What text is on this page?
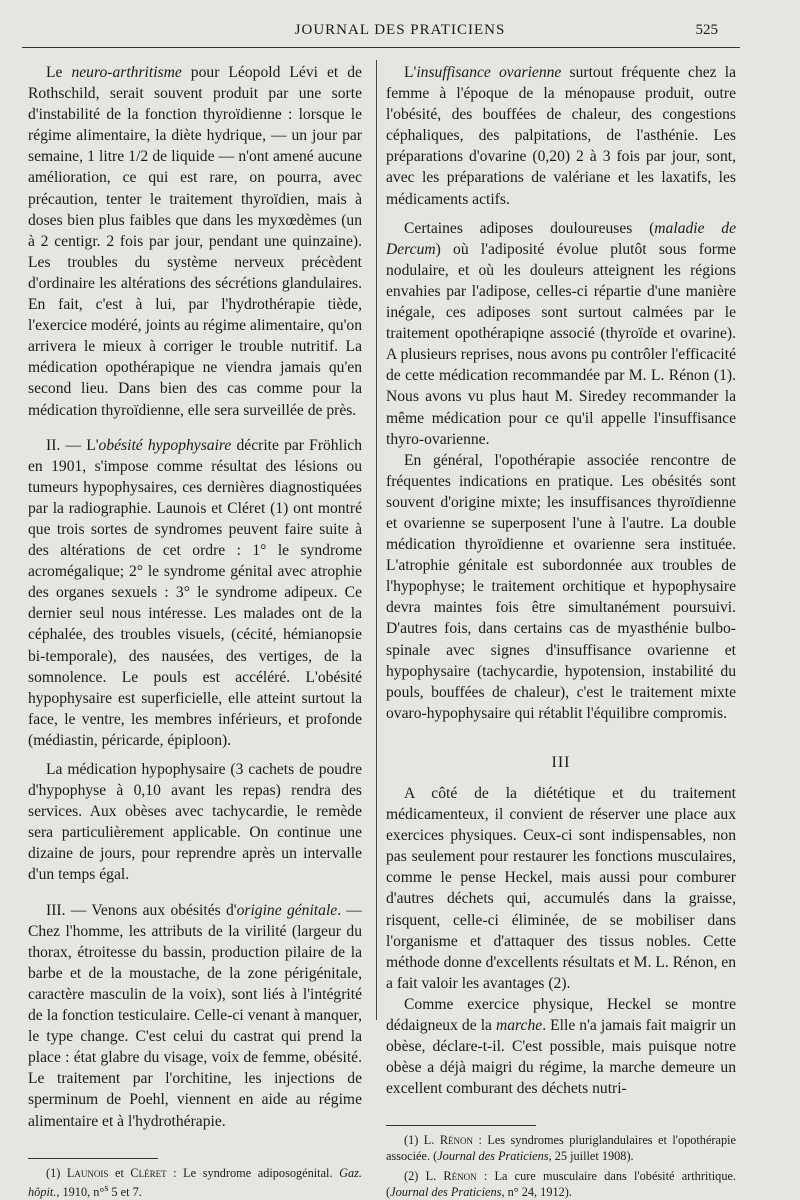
JOURNAL DES PRATICIENS	525

Le neuro-arthritisme pour Léopold Lévi et de Rothschild, serait souvent produit par une sorte d'instabilité de la fonction thyroïdienne : lorsque le régime alimentaire, la diète hydrique, — un jour par semaine, 1 litre 1/2 de liquide — n'ont amené aucune amélioration, ce qui est rare, on pourra, avec précaution, tenter le traitement thyroïdien, mais à doses bien plus faibles que dans les myxœdèmes (un à 2 centigr. 2 fois par jour, pendant une quinzaine). Les troubles du système nerveux précèdent d'ordinaire les altérations des sécrétions glandulaires. En fait, c'est à lui, par l'hydrothérapie tiède, l'exercice modéré, joints au régime alimentaire, qu'on arrivera le mieux à corriger le trouble nutritif. La médication opothérapique ne viendra jamais qu'en second lieu. Dans bien des cas comme pour la médication thyroïdienne, elle sera surveillée de près.

II. — L'obésité hypophysaire décrite par Fröhlich en 1901, s'impose comme résultat des lésions ou tumeurs hypophysaires, ces dernières diagnostiquées par la radiographie. Launois et Cléret (1) ont montré que trois sortes de syndromes peuvent faire suite à des altérations de cet ordre : 1° le syndrome acromégalique; 2° le syndrome génital avec atrophie des organes sexuels : 3° le syndrome adipeux. Ce dernier seul nous intéresse. Les malades ont de la céphalée, des troubles visuels, (cécité, hémianopsie bi-temporale), des nausées, des vertiges, de la somnolence. Le pouls est accéléré. L'obésité hypophysaire est superficielle, elle atteint surtout la face, le ventre, les membres inférieurs, et profonde (médiastin, péricarde, épiploon).

La médication hypophysaire (3 cachets de poudre d'hypophyse à 0,10 avant les repas) rendra des services. Aux obèses avec tachycardie, le remède sera particulièrement applicable. On continue une dizaine de jours, pour reprendre après un intervalle d'un temps égal.

III. — Venons aux obésités d'origine génitale. — Chez l'homme, les attributs de la virilité (largeur du thorax, étroitesse du bassin, production pilaire de la barbe et de la moustache, de la zone périgénitale, caractère masculin de la voix), sont liés à l'intégrité de la fonction testiculaire. Celle-ci venant à manquer, le type change. C'est celui du castrat qui prend la place : état glabre du visage, voix de femme, obésité. Le traitement par l'orchitine, les injections de sperminum de Poehl, viennent en aide au régime alimentaire et à l'hydrothérapie.

(1) Launois et Cléret : Le syndrome adiposogénital. Gaz. hôpit., 1910, n°$^s$ 5 et 7.

L'insuffisance ovarienne surtout fréquente chez la femme à l'époque de la ménopause produit, outre l'obésité, des bouffées de chaleur, des congestions céphaliques, des palpitations, de l'asthénie. Les préparations d'ovarine (0,20) 2 à 3 fois par jour, sont, avec les préparations de valériane et les laxatifs, les médicaments actifs.

Certaines adiposes douloureuses (maladie de Dercum) où l'adiposité évolue plutôt sous forme nodulaire, et où les douleurs atteignent les régions envahies par l'adipose, celles-ci répartie d'une manière inégale, ces adiposes sont surtout calmées par le traitement opothérapiqne associé (thyroïde et ovarine). A plusieurs reprises, nous avons pu contrôler l'efficacité de cette médication recommandée par M. L. Rénon (1). Nous avons vu plus haut M. Siredey recommander la même médication pour ce qu'il appelle l'insuffisance thyro-ovarienne.

En général, l'opothérapie associée rencontre de fréquentes indications en pratique. Les obésités sont souvent d'origine mixte; les insuffisances thyroïdienne et ovarienne se superposent l'une à l'autre. La double médication thyroïdienne et ovarienne sera instituée. L'atrophie génitale est subordonnée aux troubles de l'hypophyse; le traitement orchitique et hypophysaire devra maintes fois être simultanément poursuivi. D'autres fois, dans certains cas de myasthénie bulbo-spinale avec signes d'insuffisance ovarienne et hypophysaire (tachycardie, hypotension, instabilité du pouls, bouffées de chaleur), c'est le traitement mixte ovaro-hypophysaire qui rétablit l'équilibre compromis.

III

A côté de la diététique et du traitement médicamenteux, il convient de réserver une place aux exercices physiques. Ceux-ci sont indispensables, non pas seulement pour restaurer les fonctions musculaires, comme le pense Heckel, mais aussi pour comburer d'autres déchets qui, accumulés dans la graisse, risquent, celle-ci éliminée, de se mobiliser dans l'organisme et d'attaquer des tissus nobles. Cette méthode donne d'excellents résultats et M. L. Rénon, en a fait valoir les avantages (2).

Comme exercice physique, Heckel se montre dédaigneux de la marche. Elle n'a jamais fait maigrir un obèse, déclare-t-il. C'est possible, mais puisque notre obèse a déjà maigri du régime, la marche demeure un excellent comburant des déchets nutri-

(1) L. Rénon : Les syndromes pluriglandulaires et l'opothérapie associée. (Journal des Praticiens, 25 juillet 1908).

(2) L. Rénon : La cure musculaire dans l'obésité arthritique. (Journal des Praticiens, n° 24, 1912).
